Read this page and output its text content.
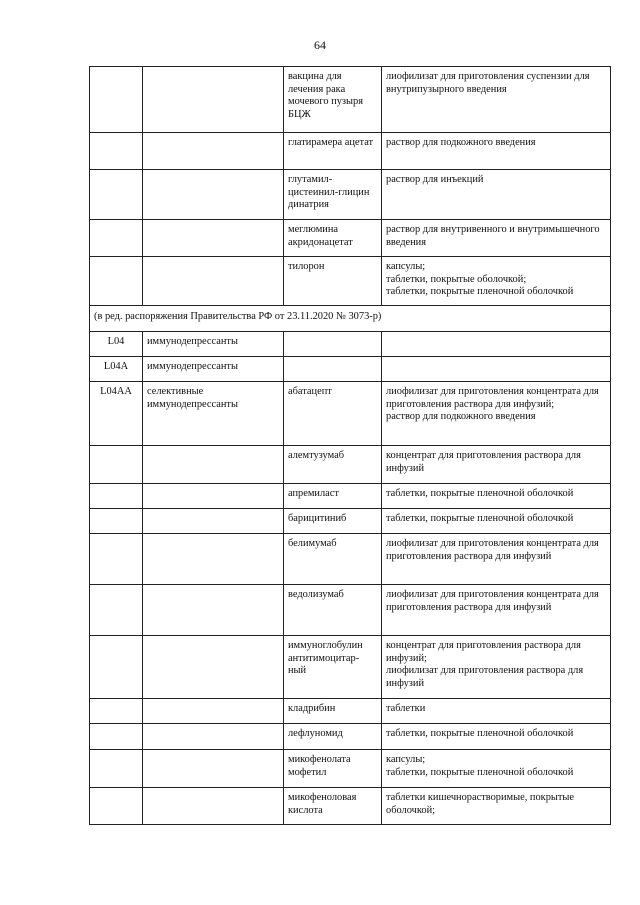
64
		вакцина для лечения рака мочевого пузыря БЦЖ	лиофилизат для приготовления суспензии для внутрипузырного введения
		глатирамера ацетат	раствор для подкожного введения
		глутамил-цистеинил-глицин динатрия	раствор для инъекций
		меглюмина акридонацетат	раствор для внутривенного и внутримышечного введения
		тилорон	капсулы;
таблетки, покрытые оболочкой;
таблетки, покрытые пленочной оболочкой
(в ред. распоряжения Правительства РФ от 23.11.2020 № 3073-р)			
L04	иммунодепрессанты		
L04A	иммунодепрессанты		
L04AA	селективные иммунодепрессанты	абатацепт	лиофилизат для приготовления концентрата для приготовления раствора для инфузий;
раствор для подкожного введения
		алемтузумаб	концентрат для приготовления раствора для инфузий
		апремиласт	таблетки, покрытые пленочной оболочкой
		барицитиниб	таблетки, покрытые пленочной оболочкой
		белимумаб	лиофилизат для приготовления концентрата для приготовления раствора для инфузий
		ведолизумаб	лиофилизат для приготовления концентрата для приготовления раствора для инфузий
		иммуноглобулин антитимоцитар-ный	концентрат для приготовления раствора для инфузий;
лиофилизат для приготовления раствора для инфузий
		кладрибин	таблетки
		лефлуномид	таблетки, покрытые пленочной оболочкой
		микофенолата мофетил	капсулы;
таблетки, покрытые пленочной оболочкой
		микофеноловая кислота	таблетки кишечнорастворимые, покрытые оболочкой;
